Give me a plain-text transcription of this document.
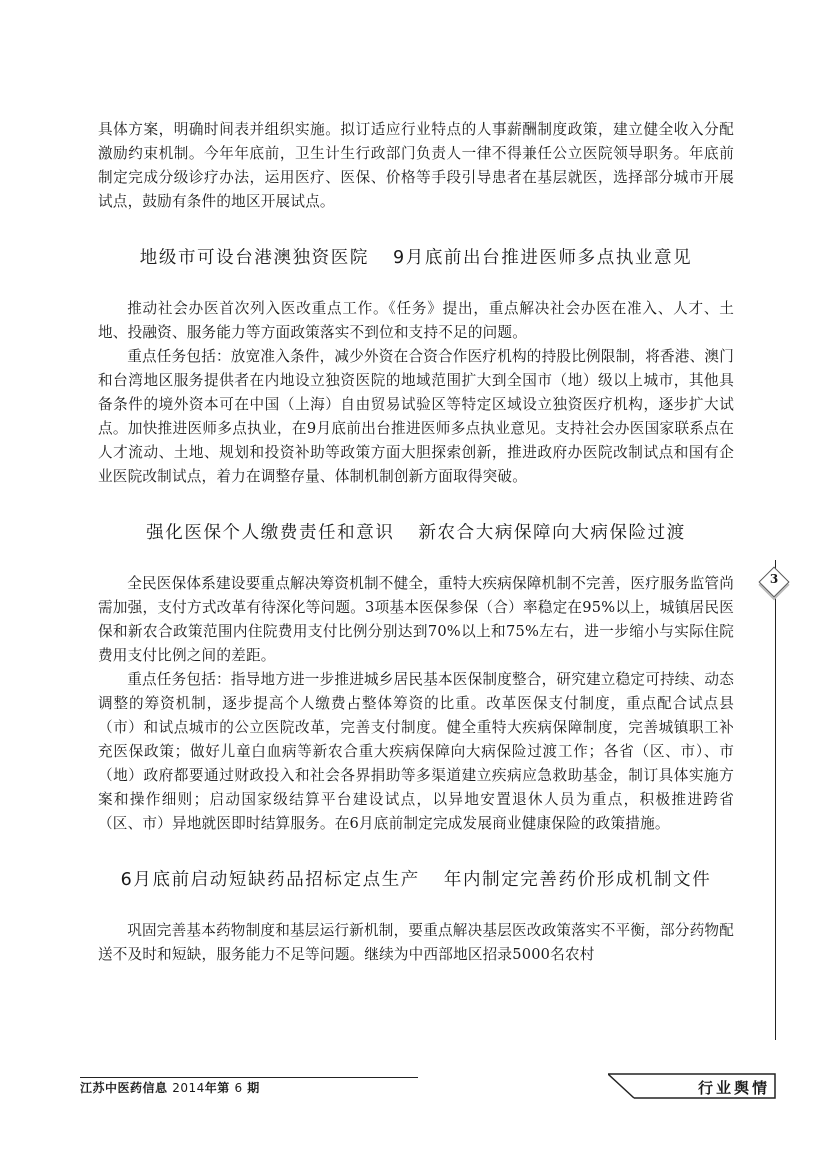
具体方案，明确时间表并组织实施。拟订适应行业特点的人事薪酬制度政策，建立健全收入分配激励约束机制。今年年底前，卫生计生行政部门负责人一律不得兼任公立医院领导职务。年底前制定完成分级诊疗办法，运用医疗、医保、价格等手段引导患者在基层就医，选择部分城市开展试点，鼓励有条件的地区开展试点。

地级市可设台港澳独资医院 9月底前出台推进医师多点执业意见

推动社会办医首次列入医改重点工作。《任务》提出，重点解决社会办医在准入、人才、土地、投融资、服务能力等方面政策落实不到位和支持不足的问题。

重点任务包括：放宽准入条件，减少外资在合资合作医疗机构的持股比例限制，将香港、澳门和台湾地区服务提供者在内地设立独资医院的地域范围扩大到全国市（地）级以上城市，其他具备条件的境外资本可在中国（上海）自由贸易试验区等特定区域设立独资医疗机构，逐步扩大试点。加快推进医师多点执业，在9月底前出台推进医师多点执业意见。支持社会办医国家联系点在人才流动、土地、规划和投资补助等政策方面大胆探索创新，推进政府办医院改制试点和国有企业医院改制试点，着力在调整存量、体制机制创新方面取得突破。

强化医保个人缴费责任和意识 新农合大病保障向大病保险过渡

全民医保体系建设要重点解决筹资机制不健全，重特大疾病保障机制不完善，医疗服务监管尚需加强，支付方式改革有待深化等问题。3项基本医保参保（合）率稳定在95%以上，城镇居民医保和新农合政策范围内住院费用支付比例分别达到70%以上和75%左右，进一步缩小与实际住院费用支付比例之间的差距。

重点任务包括：指导地方进一步推进城乡居民基本医保制度整合，研究建立稳定可持续、动态调整的筹资机制，逐步提高个人缴费占整体筹资的比重。改革医保支付制度，重点配合试点县（市）和试点城市的公立医院改革，完善支付制度。健全重特大疾病保障制度，完善城镇职工补充医保政策；做好儿童白血病等新农合重大疾病保障向大病保险过渡工作；各省（区、市）、市（地）政府都要通过财政投入和社会各界捐助等多渠道建立疾病应急救助基金，制订具体实施方案和操作细则；启动国家级结算平台建设试点，以异地安置退休人员为重点，积极推进跨省（区、市）异地就医即时结算服务。在6月底前制定完成发展商业健康保险的政策措施。

6月底前启动短缺药品招标定点生产 年内制定完善药价形成机制文件

巩固完善基本药物制度和基层运行新机制，要重点解决基层医改政策落实不平衡，部分药物配送不及时和短缺，服务能力不足等问题。继续为中西部地区招录5000名农村

3
江苏中医药信息 2014年第 6 期	行业舆情
